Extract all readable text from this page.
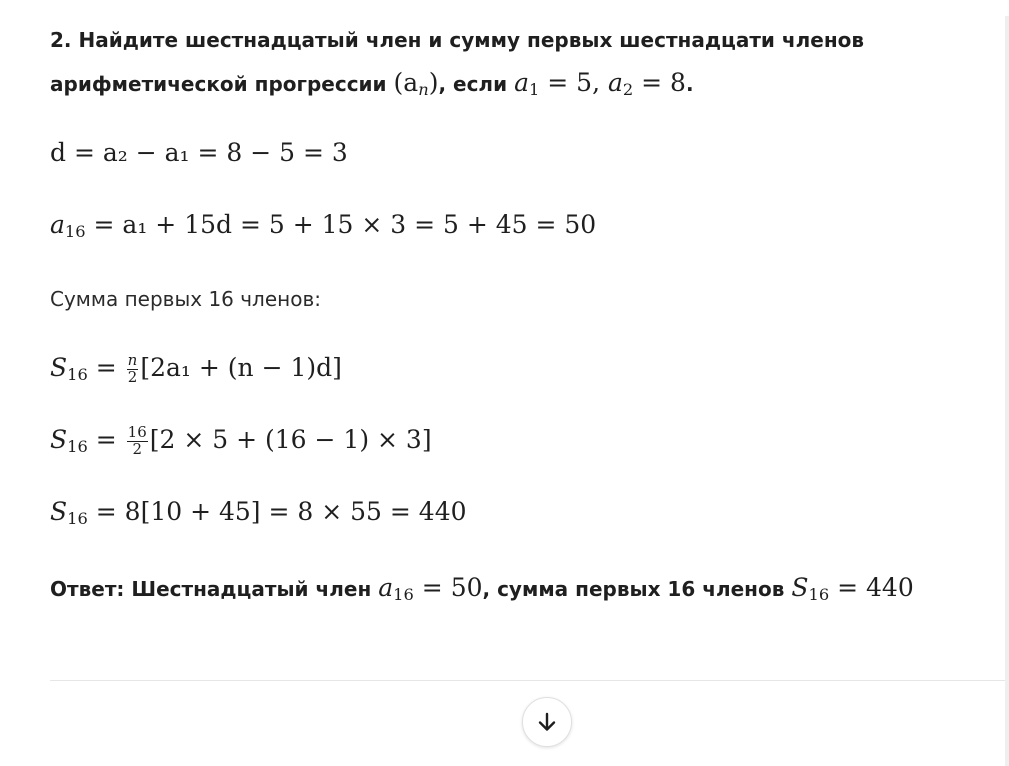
2. Найдите шестнадцатый член и сумму первых шестнадцати членов
арифметической прогрессии $(a_n)$, если $a_1 = 5$, $a_2 = 8$.
d = a₂ − a₁ = 8 − 5 = 3
$a_{16} = a_1 + 15d = 5 + 15 \times 3 = 5 + 45 = 50$
Сумма первых 16 членов:
$S_{16} = \frac{n}{2} [2a_1 + (n - 1)d]$
$S_{16} = \frac{16}{2} [2 \times 5 + (16 - 1) \times 3]$
$S_{16} = 8[10 + 45] = 8 \times 55 = 440$
Ответ: Шестнадцатый член $a_{16} = 50$, сумма первых 16 членов $S_{16} = 440$
